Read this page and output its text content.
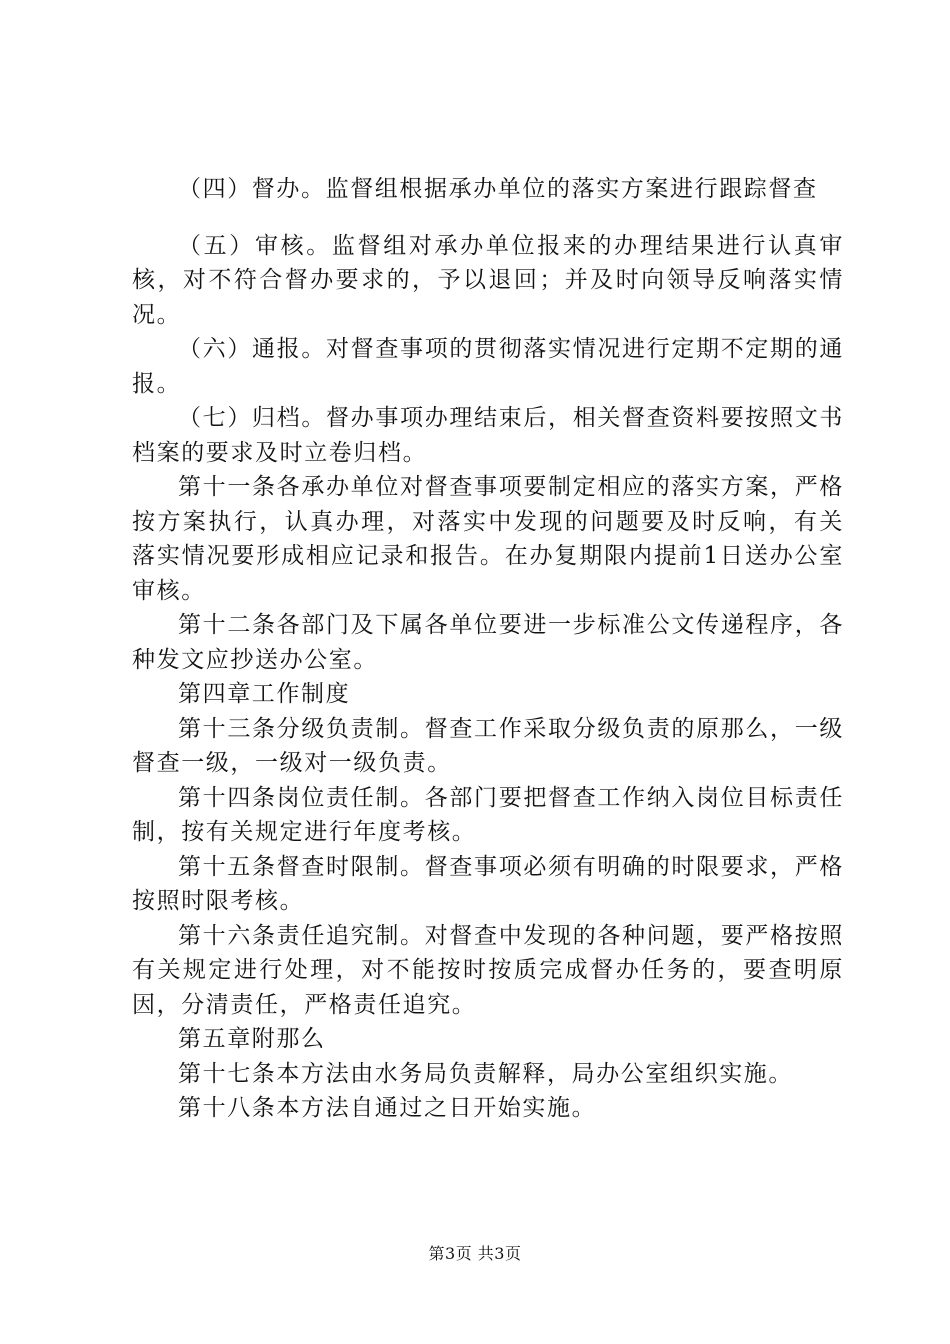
（四）督办。监督组根据承办单位的落实方案进行跟踪督查

（五）审核。监督组对承办单位报来的办理结果进行认真审核，对不符合督办要求的，予以退回；并及时向领导反响落实情况。

（六）通报。对督查事项的贯彻落实情况进行定期不定期的通报。

（七）归档。督办事项办理结束后，相关督查资料要按照文书档案的要求及时立卷归档。

第十一条各承办单位对督查事项要制定相应的落实方案，严格按方案执行，认真办理，对落实中发现的问题要及时反响，有关落实情况要形成相应记录和报告。在办复期限内提前1日送办公室审核。

第十二条各部门及下属各单位要进一步标准公文传递程序，各种发文应抄送办公室。

第四章工作制度

第十三条分级负责制。督查工作采取分级负责的原那么，一级督查一级，一级对一级负责。

第十四条岗位责任制。各部门要把督查工作纳入岗位目标责任制，按有关规定进行年度考核。

第十五条督查时限制。督查事项必须有明确的时限要求，严格按照时限考核。

第十六条责任追究制。对督查中发现的各种问题，要严格按照有关规定进行处理，对不能按时按质完成督办任务的，要查明原因，分清责任，严格责任追究。

第五章附那么

第十七条本方法由水务局负责解释，局办公室组织实施。

第十八条本方法自通过之日开始实施。

第3页 共3页
